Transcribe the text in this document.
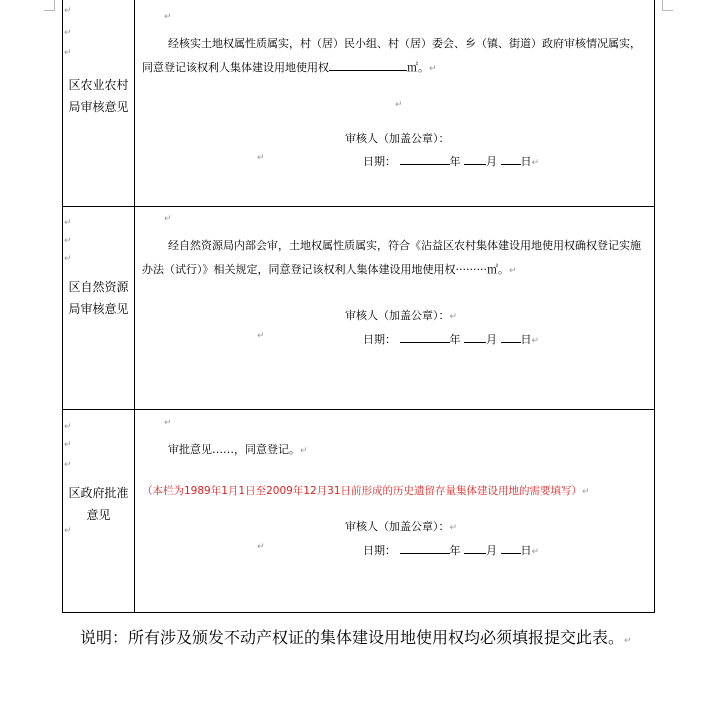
↵
↵
↵
↵
↵
↵
↵
↵
↵
↵
区农业农村局审核意见
↵
经核实土地权属性质属实，村（居）民小组、村（居）委会、乡（镇、街道）政府审核情况属实，同意登记该权利人集体建设用地使用权	㎡。↵
↵
审核人（加盖公章）：
↵	日期：	年 月 日↵
区自然资源局审核意见
↵
经自然资源局内部会审，土地权属性质属实，符合《沾益区农村集体建设用地使用权确权登记实施办法（试行）》相关规定，同意登记该权利人集体建设用地使用权·········㎡。↵
审核人（加盖公章）：↵
↵	日期：	年 月 日↵
区政府批准意见
↵
审批意见……，同意登记。↵
（本栏为1989年1月1日至2009年12月31日前形成的历史遗留存量集体建设用地的需要填写）↵
审核人（加盖公章）：↵
↵	日期：	年 月 日↵
说明：所有涉及颁发不动产权证的集体建设用地使用权均必须填报提交此表。↵
